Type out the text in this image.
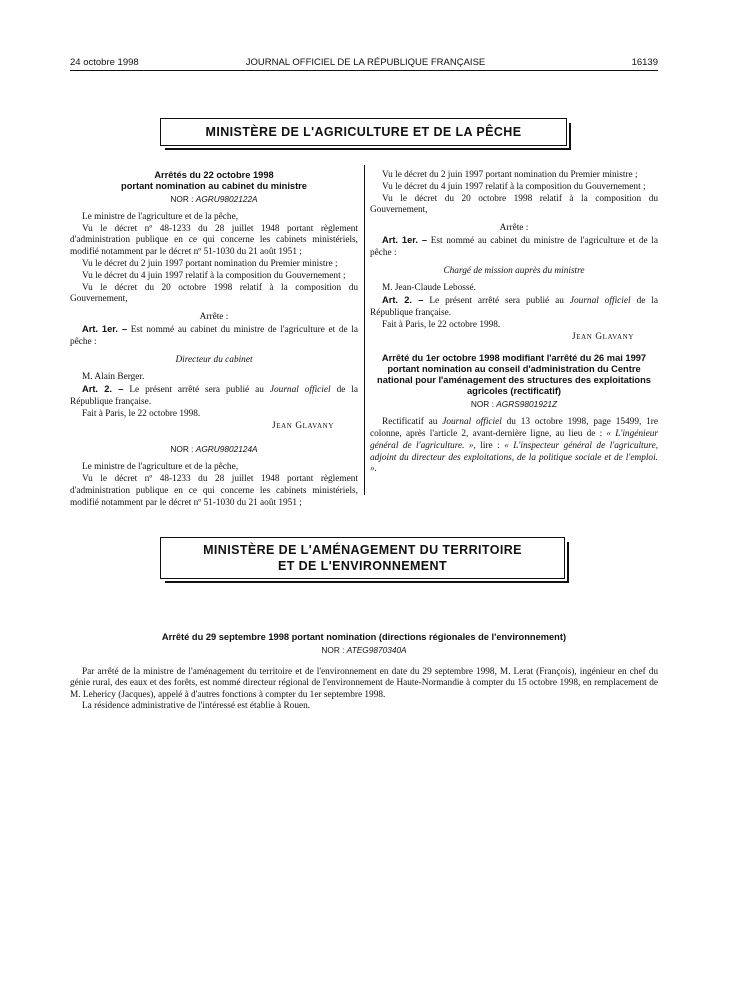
24 octobre 1998	JOURNAL OFFICIEL DE LA RÉPUBLIQUE FRANÇAISE	16139
MINISTÈRE DE L'AGRICULTURE ET DE LA PÊCHE

Arrêtés du 22 octobre 1998

portant nomination au cabinet du ministre

NOR : AGRU9802122A

Le ministre de l'agriculture et de la pêche,

Vu le décret nº 48-1233 du 28 juillet 1948 portant règlement d'administration publique en ce qui concerne les cabinets ministériels, modifié notamment par le décret nº 51-1030 du 21 août 1951 ;

Vu le décret du 2 juin 1997 portant nomination du Premier ministre ;

Vu le décret du 4 juin 1997 relatif à la composition du Gouvernement ;

Vu le décret du 20 octobre 1998 relatif à la composition du Gouvernement,

Arrête :

Art. 1er. – Est nommé au cabinet du ministre de l'agriculture et de la pêche :

Directeur du cabinet

M. Alain Berger.

Art. 2. – Le présent arrêté sera publié au Journal officiel de la République française.

Fait à Paris, le 22 octobre 1998.

Jean Glavany

NOR : AGRU9802124A

Le ministre de l'agriculture et de la pêche,

Vu le décret nº 48-1233 du 28 juillet 1948 portant règlement d'administration publique en ce qui concerne les cabinets ministériels, modifié notamment par le décret nº 51-1030 du 21 août 1951 ;

Vu le décret du 2 juin 1997 portant nomination du Premier ministre ;

Vu le décret du 4 juin 1997 relatif à la composition du Gouvernement ;

Vu le décret du 20 octobre 1998 relatif à la composition du Gouvernement,

Arrête :

Art. 1er. – Est nommé au cabinet du ministre de l'agriculture et de la pêche :

Chargé de mission auprès du ministre

M. Jean-Claude Lebossé.

Art. 2. – Le présent arrêté sera publié au Journal officiel de la République française.

Fait à Paris, le 22 octobre 1998.

Jean Glavany

Arrêté du 1er octobre 1998 modifiant l'arrêté du 26 mai 1997 portant nomination au conseil d'administration du Centre national pour l'aménagement des structures des exploitations agricoles (rectificatif)

NOR : AGRS9801921Z

Rectificatif au Journal officiel du 13 octobre 1998, page 15499, 1re colonne, après l'article 2, avant-dernière ligne, au lieu de : « L'ingénieur général de l'agriculture. », lire : « L'inspecteur général de l'agriculture, adjoint du directeur des exploitations, de la politique sociale et de l'emploi. ».

MINISTÈRE DE L'AMÉNAGEMENT DU TERRITOIRE
ET DE L'ENVIRONNEMENT

Arrêté du 29 septembre 1998 portant nomination (directions régionales de l'environnement)

NOR : ATEG9870340A

Par arrêté de la ministre de l'aménagement du territoire et de l'environnement en date du 29 septembre 1998, M. Lerat (François), ingénieur en chef du génie rural, des eaux et des forêts, est nommé directeur régional de l'environnement de Haute-Normandie à compter du 15 octobre 1998, en remplacement de M. Lehericy (Jacques), appelé à d'autres fonctions à compter du 1er septembre 1998.

La résidence administrative de l'intéressé est établie à Rouen.
